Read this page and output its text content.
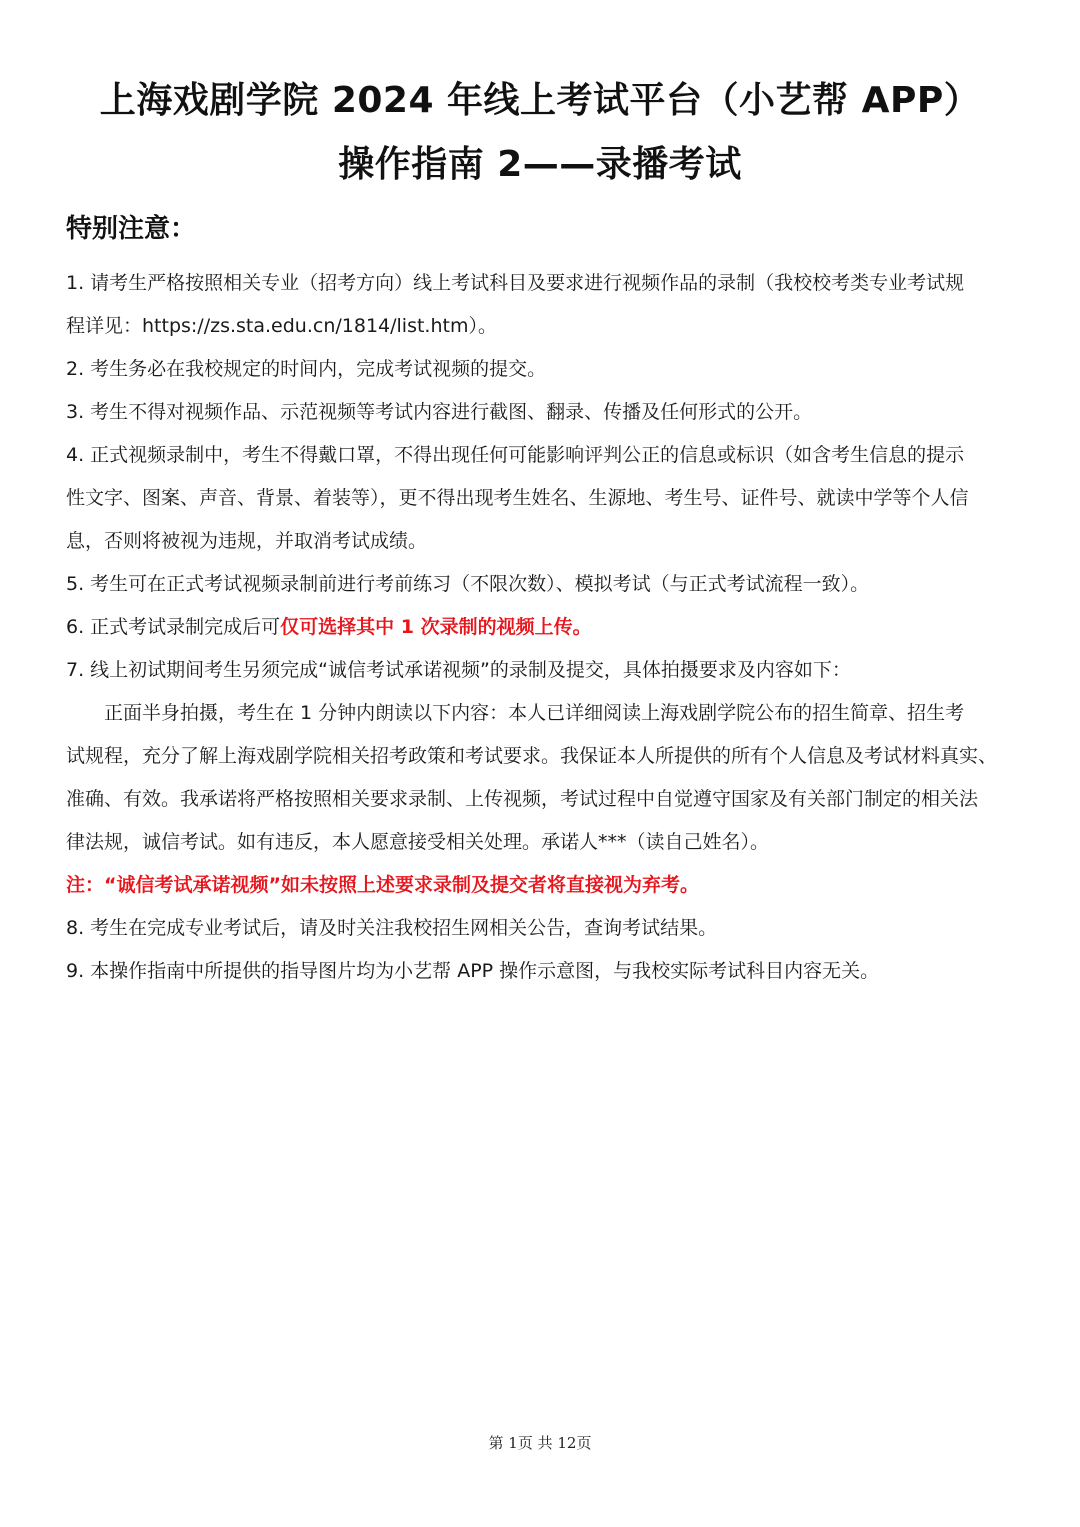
上海戏剧学院 2024 年线上考试平台（小艺帮 APP）
操作指南 2——录播考试
特别注意：
1. 请考生严格按照相关专业（招考方向）线上考试科目及要求进行视频作品的录制（我校校考类专业考试规
程详见：https://zs.sta.edu.cn/1814/list.htm）。
2. 考生务必在我校规定的时间内，完成考试视频的提交。
3. 考生不得对视频作品、示范视频等考试内容进行截图、翻录、传播及任何形式的公开。
4. 正式视频录制中，考生不得戴口罩，不得出现任何可能影响评判公正的信息或标识（如含考生信息的提示
性文字、图案、声音、背景、着装等），更不得出现考生姓名、生源地、考生号、证件号、就读中学等个人信
息，否则将被视为违规，并取消考试成绩。
5. 考生可在正式考试视频录制前进行考前练习（不限次数）、模拟考试（与正式考试流程一致）。
6. 正式考试录制完成后可仅可选择其中 1 次录制的视频上传。
7. 线上初试期间考生另须完成“诚信考试承诺视频”的录制及提交，具体拍摄要求及内容如下：
正面半身拍摄，考生在 1 分钟内朗读以下内容：本人已详细阅读上海戏剧学院公布的招生简章、招生考
试规程，充分了解上海戏剧学院相关招考政策和考试要求。我保证本人所提供的所有个人信息及考试材料真实、
准确、有效。我承诺将严格按照相关要求录制、上传视频，考试过程中自觉遵守国家及有关部门制定的相关法
律法规，诚信考试。如有违反，本人愿意接受相关处理。承诺人***（读自己姓名）。
注：“诚信考试承诺视频”如未按照上述要求录制及提交者将直接视为弃考。
8. 考生在完成专业考试后，请及时关注我校招生网相关公告，查询考试结果。
9. 本操作指南中所提供的指导图片均为小艺帮 APP 操作示意图，与我校实际考试科目内容无关。
第 1页 共 12页
